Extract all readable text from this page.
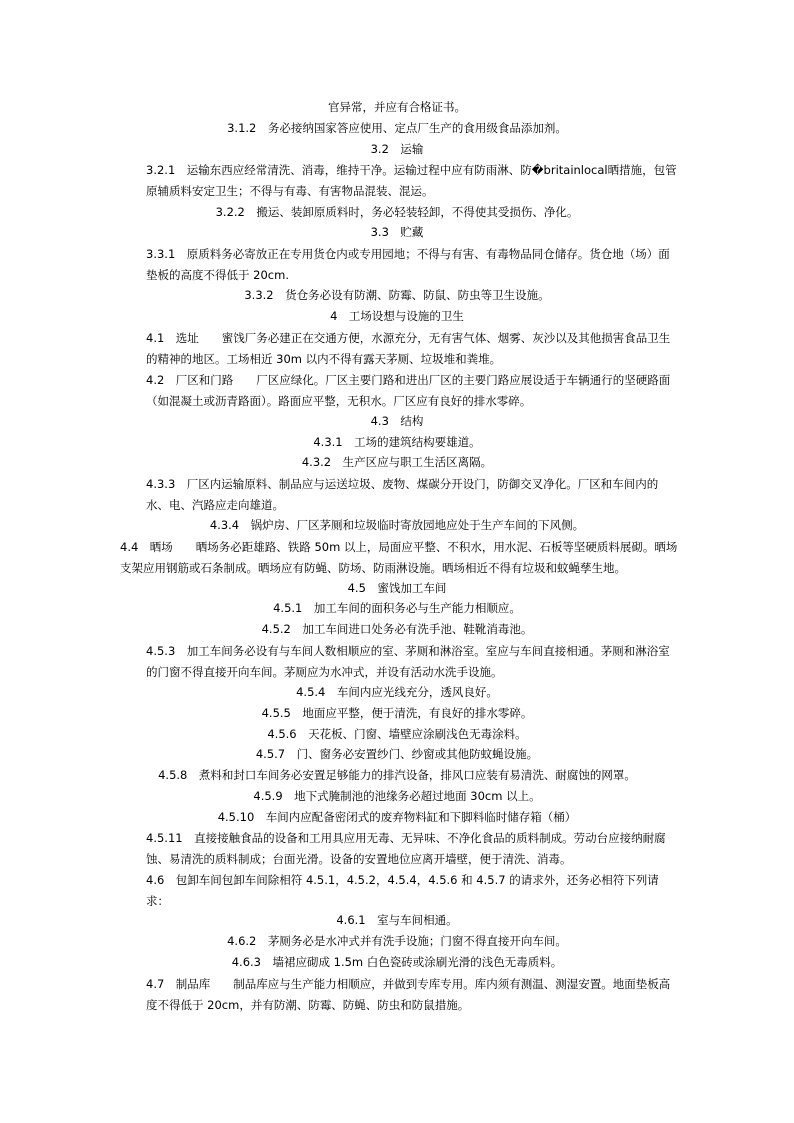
官异常，并应有合格证书。
3.1.2　务必接纳国家答应使用、定点厂生产的食用级食品添加剂。
3.2　运输
3.2.1　运输东西应经常清洗、消毒，维持干净。运输过程中应有防雨淋、防�britainlocal晒措施，包管原辅质料安定卫生；不得与有毒、有害物品混装、混运。
3.2.2　搬运、装卸原质料时，务必轻装轻卸，不得使其受损伤、净化。
3.3　贮藏
3.3.1　原质料务必寄放正在专用货仓内或专用园地；不得与有害、有毒物品同仓储存。货仓地（场）面垫板的高度不得低于 20cm.
3.3.2　货仓务必设有防潮、防霉、防鼠、防虫等卫生设施。
4　工场设想与设施的卫生
4.1　选址　　蜜饯厂务必建正在交通方便，水源充分，无有害气体、烟雾、灰沙以及其他损害食品卫生的精神的地区。工场相近 30m 以内不得有露天茅厕、垃圾堆和粪堆。
4.2　厂区和门路　　厂区应绿化。厂区主要门路和进出厂区的主要门路应展设适于车辆通行的坚硬路面（如混凝土或沥青路面）。路面应平整，无积水。厂区应有良好的排水零碎。
4.3　结构
4.3.1　工场的建筑结构要雄道。
4.3.2　生产区应与职工生活区离隔。
4.3.3　厂区内运输原料、制品应与运送垃圾、废物、煤碳分开设门，防御交叉净化。厂区和车间内的水、电、汽路应走向雄道。
4.3.4　锅炉房、厂区茅厕和垃圾临时寄放园地应处于生产车间的下风侧。
4.4　晒场　　晒场务必距雄路、铁路 50m 以上，局面应平整、不积水，用水泥、石板等坚硬质料展砌。晒场支架应用钢筋或石条制成。晒场应有防蝇、防场、防雨淋设施。晒场相近不得有垃圾和蚊蝇孳生地。
4.5　蜜饯加工车间
4.5.1　加工车间的面积务必与生产能力相顺应。
4.5.2　加工车间进口处务必有洗手池、鞋靴消毒池。
4.5.3　加工车间务必设有与车间人数相顺应的室、茅厕和淋浴室。室应与车间直接相通。茅厕和淋浴室的门窗不得直接开向车间。茅厕应为水冲式，并设有活动水洗手设施。
4.5.4　车间内应光线充分，透风良好。
4.5.5　地面应平整，便于清洗，有良好的排水零碎。
4.5.6　天花板、门窗、墙壁应涂刷浅色无毒涂料。
4.5.7　门、窗务必安置纱门、纱窗或其他防蚊蝇设施。
4.5.8　煮料和封口车间务必安置足够能力的排汽设备，排风口应装有易清洗、耐腐蚀的网罩。
4.5.9　地下式腌制池的池缘务必超过地面 30cm 以上。
4.5.10　车间内应配备密闭式的废弃物料缸和下脚料临时储存箱（桶）
4.5.11　直接接触食品的设备和工用具应用无毒、无异味、不净化食品的质料制成。劳动台应接纳耐腐蚀、易清洗的质料制成；台面光滑。设备的安置地位应离开墙壁，便于清洗、消毒。
4.6　包卸车间包卸车间除相符 4.5.1，4.5.2，4.5.4，4.5.6 和 4.5.7 的请求外，还务必相符下列请求：
4.6.1　室与车间相通。
4.6.2　茅厕务必是水冲式并有洗手设施；门窗不得直接开向车间。
4.6.3　墙裙应砌成 1.5m 白色瓷砖或涂刷光滑的浅色无毒质料。
4.7　制品库　　制品库应与生产能力相顺应，并做到专库专用。库内须有测温、测湿安置。地面垫板高度不得低于 20cm，并有防潮、防霉、防蝇、防虫和防鼠措施。
